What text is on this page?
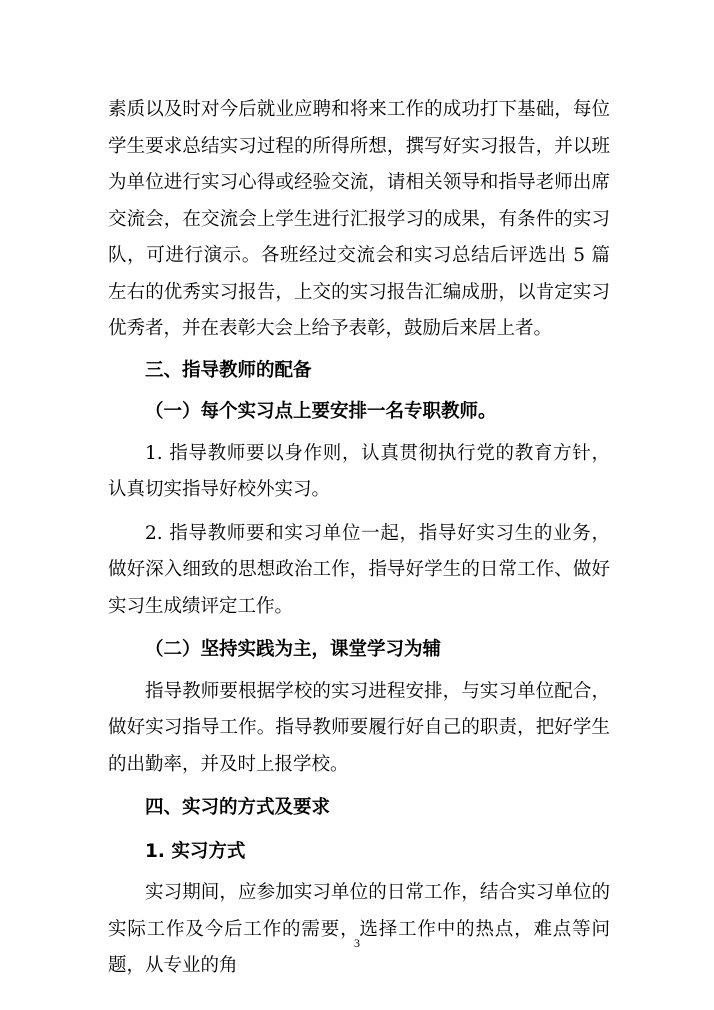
素质以及时对今后就业应聘和将来工作的成功打下基础，每位学生要求总结实习过程的所得所想，撰写好实习报告，并以班为单位进行实习心得或经验交流，请相关领导和指导老师出席交流会，在交流会上学生进行汇报学习的成果，有条件的实习队，可进行演示。各班经过交流会和实习总结后评选出 5 篇左右的优秀实习报告，上交的实习报告汇编成册，以肯定实习优秀者，并在表彰大会上给予表彰，鼓励后来居上者。

三、指导教师的配备

（一）每个实习点上要安排一名专职教师。

1. 指导教师要以身作则，认真贯彻执行党的教育方针，认真切实指导好校外实习。

2. 指导教师要和实习单位一起，指导好实习生的业务，做好深入细致的思想政治工作，指导好学生的日常工作、做好实习生成绩评定工作。

（二）坚持实践为主，课堂学习为辅

指导教师要根据学校的实习进程安排，与实习单位配合，做好实习指导工作。指导教师要履行好自己的职责，把好学生的出勤率，并及时上报学校。

四、实习的方式及要求

1. 实习方式

实习期间，应参加实习单位的日常工作，结合实习单位的实际工作及今后工作的需要，选择工作中的热点，难点等问题，从专业的角

3
